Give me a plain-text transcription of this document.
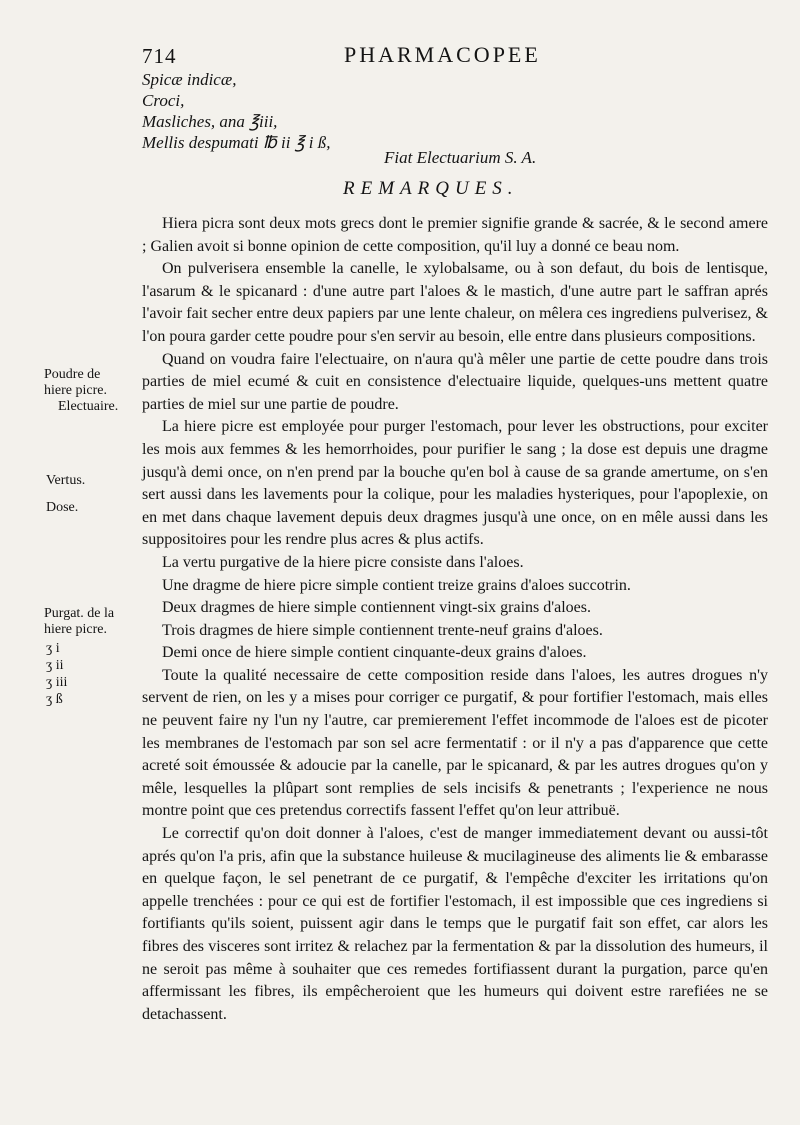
714	PHARMACOPEE
Spicæ indicæ,
Croci,
Masliches, ana ℥iii,
Mellis despumati ℔ ii ℥ i ß,
Fiat Electuarium S. A.
REMARQUES.
Poudre de
hiere picre.
Electuaire.
Vertus.
Dose.
Purgat. de la
hiere picre.
ʒ i
ʒ ii
ʒ iii
ʒ ß

Hiera picra sont deux mots grecs dont le premier signifie grande & sacrée, & le second amere ; Galien avoit si bonne opinion de cette composition, qu'il luy a donné ce beau nom.

On pulverisera ensemble la canelle, le xylobalsame, ou à son defaut, du bois de lentisque, l'asarum & le spicanard : d'une autre part l'aloes & le mastich, d'une autre part le saffran aprés l'avoir fait secher entre deux papiers par une lente chaleur, on mêlera ces ingrediens pulverisez, & l'on poura garder cette poudre pour s'en servir au besoin, elle entre dans plusieurs compositions.

Quand on voudra faire l'electuaire, on n'aura qu'à mêler une partie de cette poudre dans trois parties de miel ecumé & cuit en consistence d'electuaire liquide, quelques-uns mettent quatre parties de miel sur une partie de poudre.

La hiere picre est employée pour purger l'estomach, pour lever les obstructions, pour exciter les mois aux femmes & les hemorrhoides, pour purifier le sang ; la dose est depuis une dragme jusqu'à demi once, on n'en prend par la bouche qu'en bol à cause de sa grande amertume, on s'en sert aussi dans les lavements pour la colique, pour les maladies hysteriques, pour l'apoplexie, on en met dans chaque lavement depuis deux dragmes jusqu'à une once, on en mêle aussi dans les suppositoires pour les rendre plus acres & plus actifs.

La vertu purgative de la hiere picre consiste dans l'aloes.

Une dragme de hiere picre simple contient treize grains d'aloes succotrin.

Deux dragmes de hiere simple contiennent vingt-six grains d'aloes.

Trois dragmes de hiere simple contiennent trente-neuf grains d'aloes.

Demi once de hiere simple contient cinquante-deux grains d'aloes.

Toute la qualité necessaire de cette composition reside dans l'aloes, les autres drogues n'y servent de rien, on les y a mises pour corriger ce purgatif, & pour fortifier l'estomach, mais elles ne peuvent faire ny l'un ny l'autre, car premierement l'effet incommode de l'aloes est de picoter les membranes de l'estomach par son sel acre fermentatif : or il n'y a pas d'apparence que cette acreté soit émoussée & adoucie par la canelle, par le spicanard, & par les autres drogues qu'on y mêle, lesquelles la plûpart sont remplies de sels incisifs & penetrants ; l'experience ne nous montre point que ces pretendus correctifs fassent l'effet qu'on leur attribuë.

Le correctif qu'on doit donner à l'aloes, c'est de manger immediatement devant ou aussi-tôt aprés qu'on l'a pris, afin que la substance huileuse & mucilagineuse des aliments lie & embarasse en quelque façon, le sel penetrant de ce purgatif, & l'empêche d'exciter les irritations qu'on appelle trenchées : pour ce qui est de fortifier l'estomach, il est impossible que ces ingrediens si fortifiants qu'ils soient, puissent agir dans le temps que le purgatif fait son effet, car alors les fibres des visceres sont irritez & relachez par la fermentation & par la dissolution des humeurs, il ne seroit pas même à souhaiter que ces remedes fortifiassent durant la purgation, parce qu'en affermissant les fibres, ils empêcheroient que les humeurs qui doivent estre rarefiées ne se detachassent.
